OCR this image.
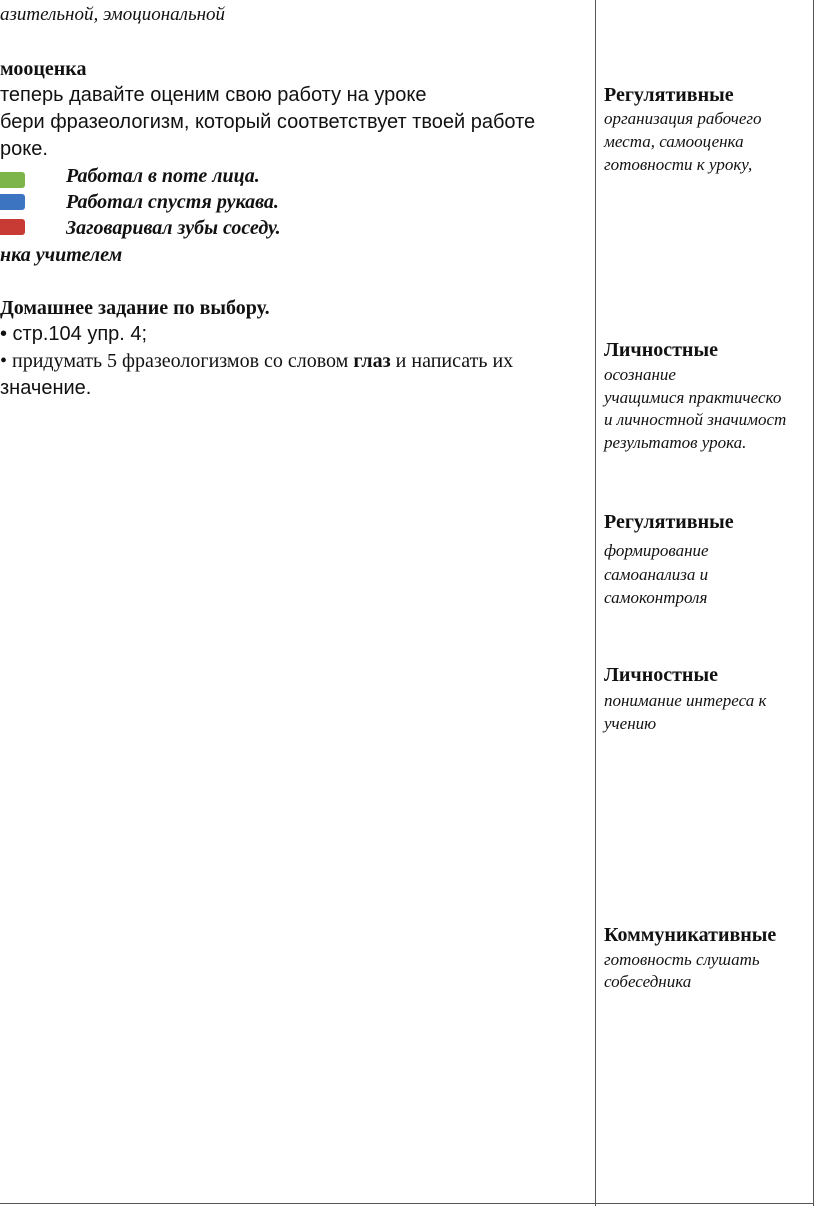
азительной, эмоциональной
мооценка
теперь давайте оценим свою работу на уроке
бери фразеологизм, который соответствует твоей работе
роке.
Работал в поте лица.
Работал спустя рукава.
Заговаривал зубы соседу.
нка учителем
Домашнее задание по выбору.
• стр.104 упр. 4;
• придумать 5 фразеологизмов со словом глаз и написать их
значение.
Регулятивные
организация рабочего
места, самооценка
готовности к уроку,
Личностные
осознание
учащимися практическо
и личностной значимост
результатов урока.
Регулятивные
формирование
самоанализа и
самоконтроля
Личностные
понимание интереса к
учению
Коммуникативные
готовность слушать
собеседника
